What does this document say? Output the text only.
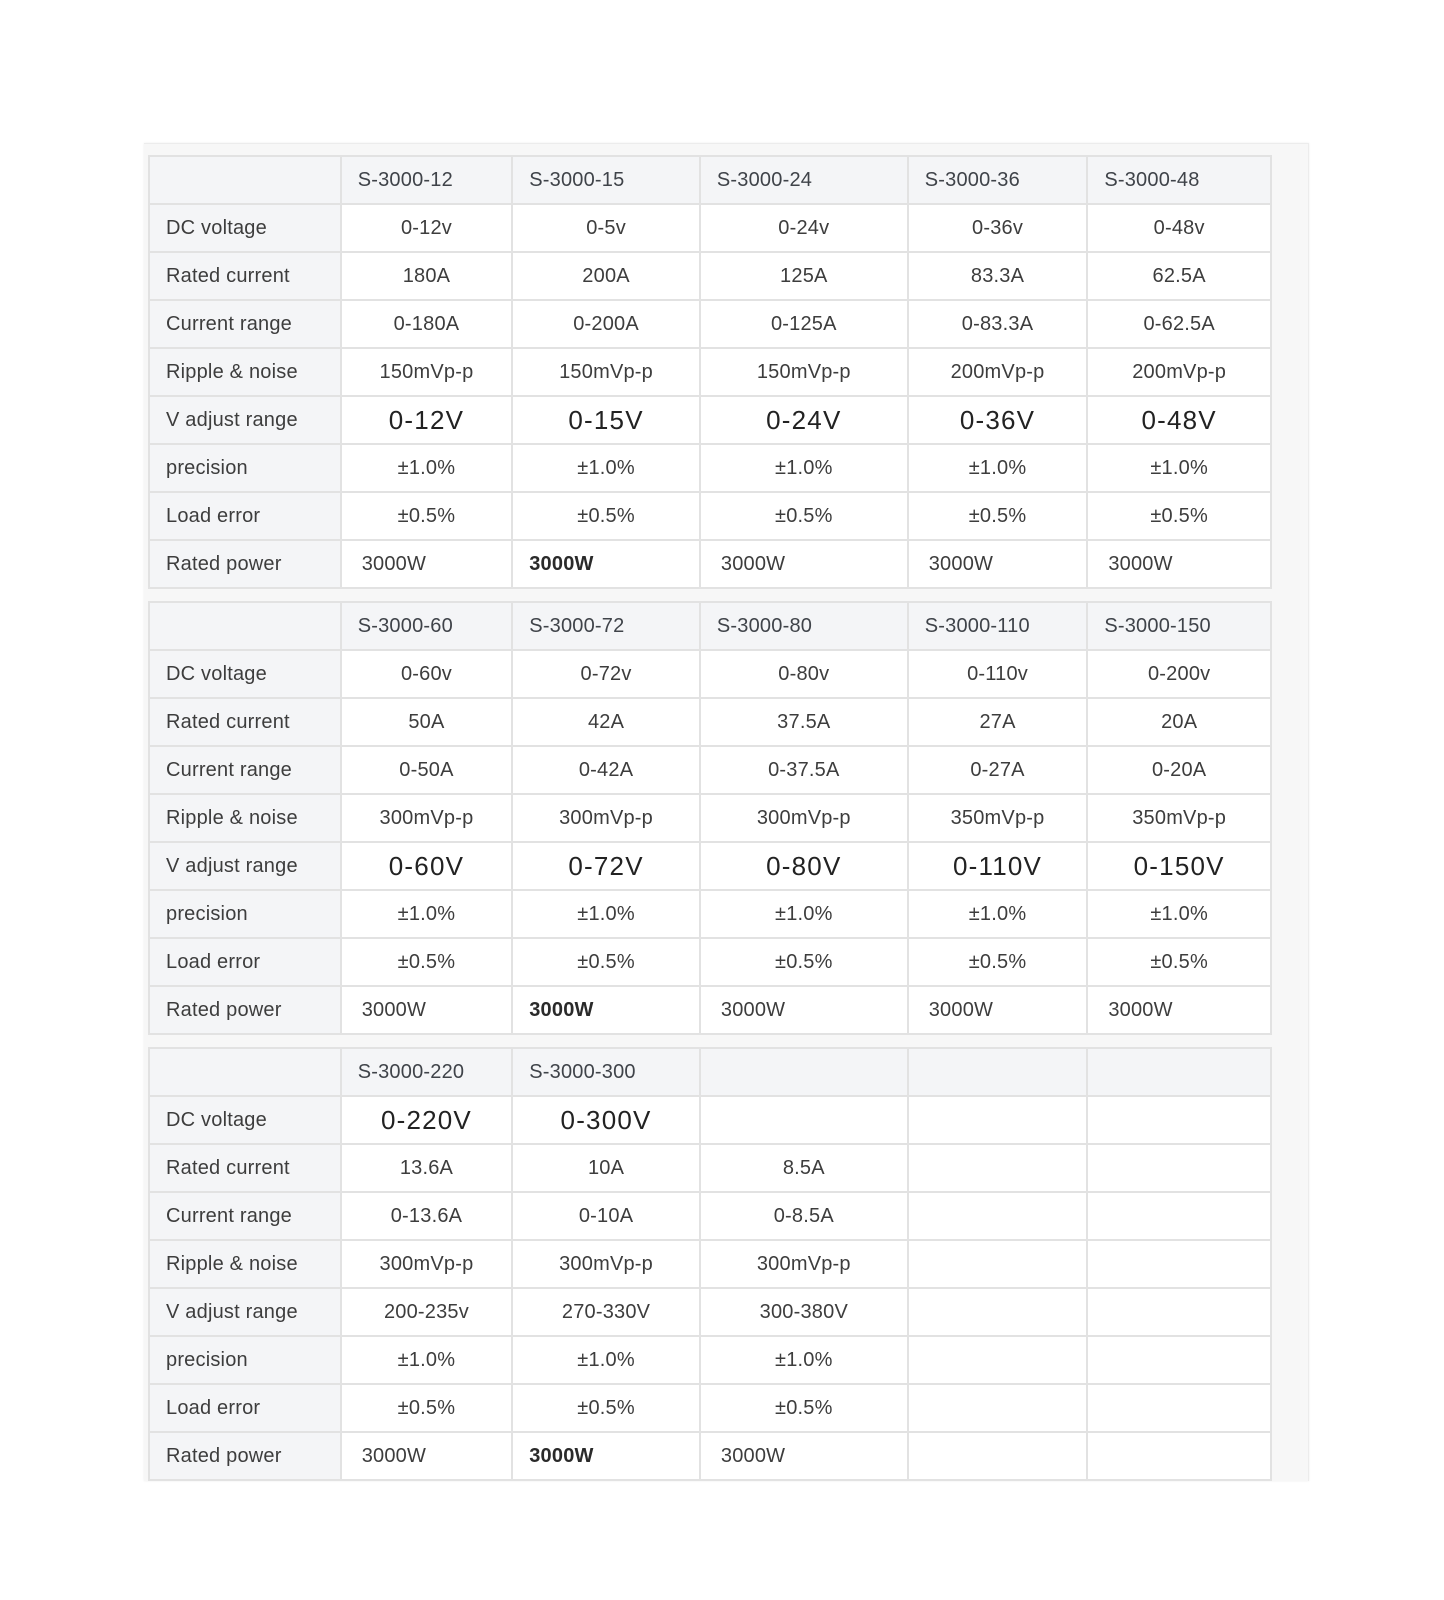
	S-3000-12	S-3000-15	S-3000-24	S-3000-36	S-3000-48
DC voltage	0-12v	0-5v	0-24v	0-36v	0-48v
Rated current	180A	200A	125A	83.3A	62.5A
Current range	0-180A	0-200A	0-125A	0-83.3A	0-62.5A
Ripple & noise	150mVp-p	150mVp-p	150mVp-p	200mVp-p	200mVp-p
V adjust range	0-12V	0-15V	0-24V	0-36V	0-48V
precision	±1.0%	±1.0%	±1.0%	±1.0%	±1.0%
Load error	±0.5%	±0.5%	±0.5%	±0.5%	±0.5%
Rated power	3000W	3000W	3000W	3000W	3000W
	S-3000-60	S-3000-72	S-3000-80	S-3000-110	S-3000-150
DC voltage	0-60v	0-72v	0-80v	0-110v	0-200v
Rated current	50A	42A	37.5A	27A	20A
Current range	0-50A	0-42A	0-37.5A	0-27A	0-20A
Ripple & noise	300mVp-p	300mVp-p	300mVp-p	350mVp-p	350mVp-p
V adjust range	0-60V	0-72V	0-80V	0-110V	0-150V
precision	±1.0%	±1.0%	±1.0%	±1.0%	±1.0%
Load error	±0.5%	±0.5%	±0.5%	±0.5%	±0.5%
Rated power	3000W	3000W	3000W	3000W	3000W
	S-3000-220	S-3000-300			
DC voltage	0-220V	0-300V			
Rated current	13.6A	10A	8.5A		
Current range	0-13.6A	0-10A	0-8.5A		
Ripple & noise	300mVp-p	300mVp-p	300mVp-p		
V adjust range	200-235v	270-330V	300-380V		
precision	±1.0%	±1.0%	±1.0%		
Load error	±0.5%	±0.5%	±0.5%		
Rated power	3000W	3000W	3000W		
